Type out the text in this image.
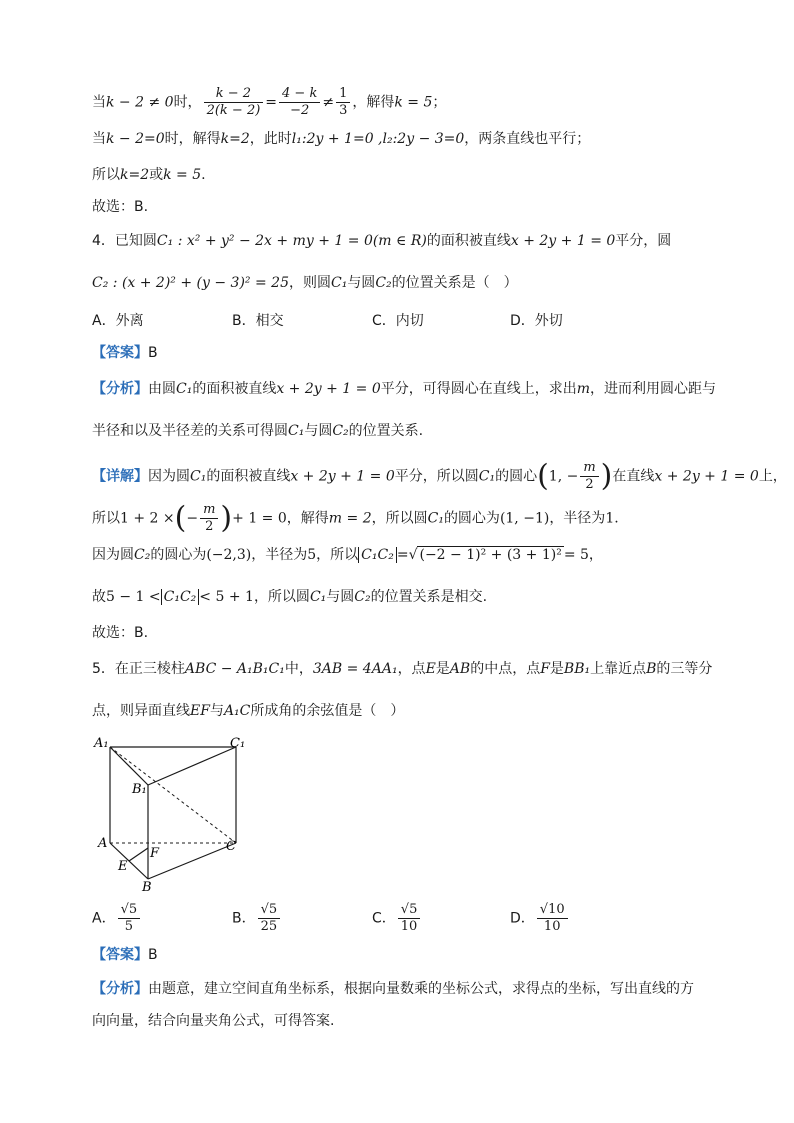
当k − 2 ≠ 0时， $\frac{k - 2}{2(k - 2)} = \frac{4 - k}{-2} \ne \frac{1}{3}$ ，解得k = 5；
当k − 2=0时，解得k=2，此时l₁:2y + 1=0 ,l₂:2y − 3=0，两条直线也平行；
所以k=2或k = 5.
故选：B.
4．已知圆C₁ : x² + y² − 2x + my + 1 = 0(m ∈ R)的面积被直线x + 2y + 1 = 0平分，圆
C₂ : (x + 2)² + (y − 3)² = 25，则圆C₁与圆C₂的位置关系是（　）
A．外离	B．相交	C．内切	D．外切
【答案】B
【分析】由圆C₁的面积被直线x + 2y + 1 = 0平分，可得圆心在直线上，求出m，进而利用圆心距与
半径和以及半径差的关系可得圆C₁与圆C₂的位置关系.
【详解】因为圆C₁的面积被直线x + 2y + 1 = 0平分，所以圆C₁的圆心(1, − $\frac{m}{2}$ )在直线x + 2y + 1 = 0上，
所以1 + 2 ×(− $\frac{m}{2}$ )+ 1 = 0，解得m = 2，所以圆C₁的圆心为(1, −1)，半径为1.
因为圆C₂的圆心为(−2,3)，半径为5，所以 C₁C₂ =√ (−2 − 1)² + (3 + 1)² = 5，
故5 − 1 < C₁C₂ < 5 + 1，所以圆C₁与圆C₂的位置关系是相交.
故选：B.
5．在正三棱柱ABC − A₁B₁C₁中，3AB = 4AA₁，点E是AB的中点，点F是BB₁上靠近点B的三等分
点，则异面直线EF与A₁C所成角的余弦值是（　）
A₁	C₁
B₁
A	C
E
F
B
A． $\frac{√5}{5}$	B． $\frac{√5}{25}$	C． $\frac{√5}{10}$	D． $\frac{√10}{10}$
【答案】B
【分析】由题意，建立空间直角坐标系，根据向量数乘的坐标公式，求得点的坐标，写出直线的方
向向量，结合向量夹角公式，可得答案.
